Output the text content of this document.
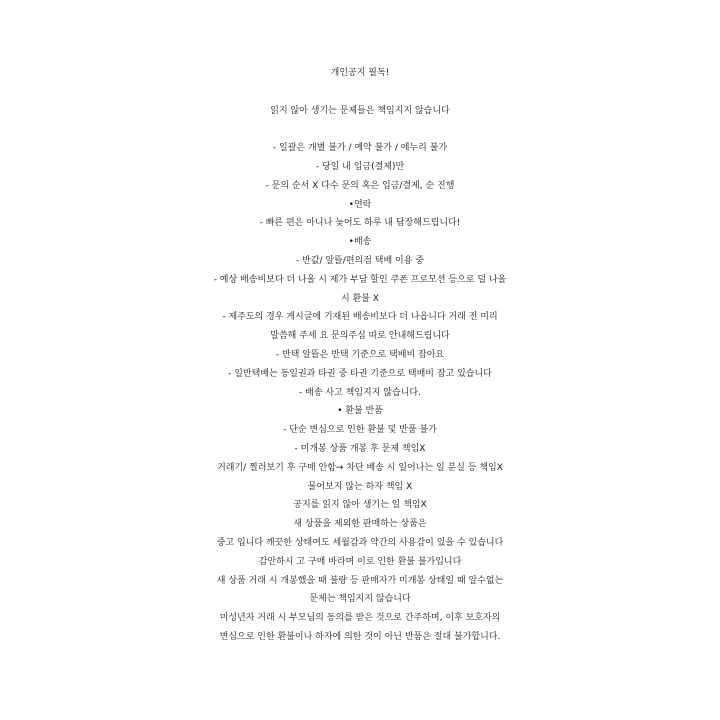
개인공지 필독!
읽지 않아 생기는 문제들은 책임지지 않습니다
- 일괄은 개별 불가 / 예약 불가 / 에누리 불가
- 당일 내 입금(결제)만
- 문의 순서 X 다수 문의 혹은 입금/결제, 순 진행
•연락
- 빠른 편은 아니나 늦어도 하루 내 답장해드립니다!
•배송
- 반값/ 알뜰/편의점 택배 이용 중
- 예상 배송비보다 더 나올 시 제가 부담 할인 쿠폰 프로모션 등으로 덜 나올
시 환불 X
- 제주도의 경우 게시글에 기재된 배송비보다 더 나옵니다 거래 전 미리
말씀해 주세 요 문의주심 따로 안내해드립니다
- 반택 알뜰은 반택 기준으로 택배비 잡아요
- 일반택배는 동일권과 타권 중 타권 기준으로 택배비 잡고 있습니다
- 배송 사고 책임지지 않습니다.
• 환불 반품
- 단순 변심으로 인한 환불 및 반품 불가
- 미개봉 상품 개봉 후 문제 책임X
거래기/ 찔러보기 후 구매 안함→ 차단 배송 시 일어나는 일 분실 등 책임X
물어보지 않는 하자 책임 X
공지를 읽지 않아 생기는 일 책임X
새 상품을 제외한 판매하는 상품은
중고 입니다 깨끗한 상태여도 세월감과 약간의 사용감이 있을 수 있습니다
감안하시 고 구매 바라며 이로 인한 환불 불가입니다
새 상품 거래 시 개봉했을 때 불량 등 판매자가 미개봉 상태일 때 알수없는
문제는 책임지지 않습니다
미성년자 거래 시 부모님의 동의를 받은 것으로 간주하며, 이후 보호자의
변심으로 인한 환불이나 하자에 의한 것이 아닌 반품은 절대 불가합니다.
